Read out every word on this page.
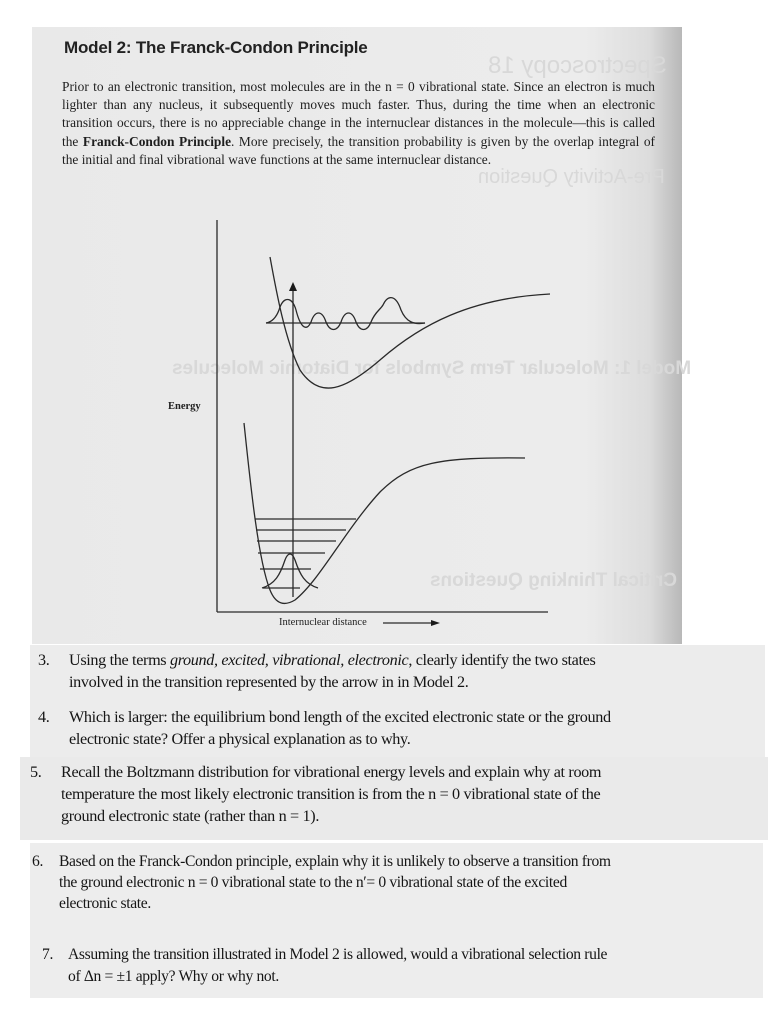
Spectroscopy 18
Pre-Activity Question
Model 1: Molecular Term Symbols for Diatomic Molecules
Critical Thinking Questions
Model 2: The Franck-Condon Principle
Prior to an electronic transition, most molecules are in the n = 0 vibrational state. Since an electron is much lighter than any nucleus, it subsequently moves much faster. Thus, during the time when an electronic transition occurs, there is no appreciable change in the internuclear distances in the molecule—this is called the Franck-Condon Principle. More precisely, the transition probability is given by the overlap integral of the initial and final vibrational wave functions at the same internuclear distance.
Energy
Internuclear distance
3. Using the terms ground, excited, vibrational, electronic, clearly identify the two states
involved in the transition represented by the arrow in in Model 2.
4. Which is larger: the equilibrium bond length of the excited electronic state or the ground
electronic state? Offer a physical explanation as to why.
5. Recall the Boltzmann distribution for vibrational energy levels and explain why at room
temperature the most likely electronic transition is from the n = 0 vibrational state of the
ground electronic state (rather than n = 1).
6. Based on the Franck-Condon principle, explain why it is unlikely to observe a transition from
the ground electronic n = 0 vibrational state to the n′= 0 vibrational state of the excited
electronic state.
7. Assuming the transition illustrated in Model 2 is allowed, would a vibrational selection rule
of Δn = ±1 apply? Why or why not.
